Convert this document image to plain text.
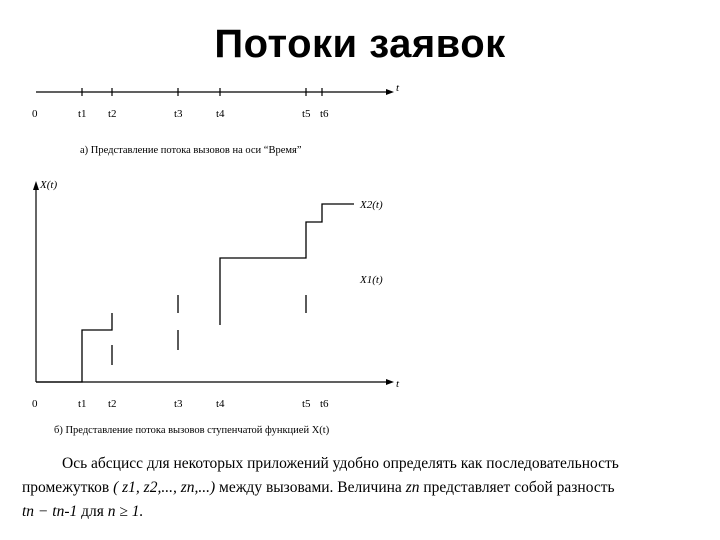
Потоки заявок
t
0	t1 t2	t3	t4	t5 t6
а) Представление потока вызовов на оси “Время”
X(t)
t
0	t1 t2	t3	t4	t5 t6
X2(t)
X1(t)
б) Представление потока вызовов ступенчатой функцией X(t)
Ось абсцисс для некоторых приложений удобно определять как последовательность
промежутков ( z1, z2,..., zn,...) между вызовами. Величина zn представляет собой разность
tn − tn-1 для n ≥ 1.
